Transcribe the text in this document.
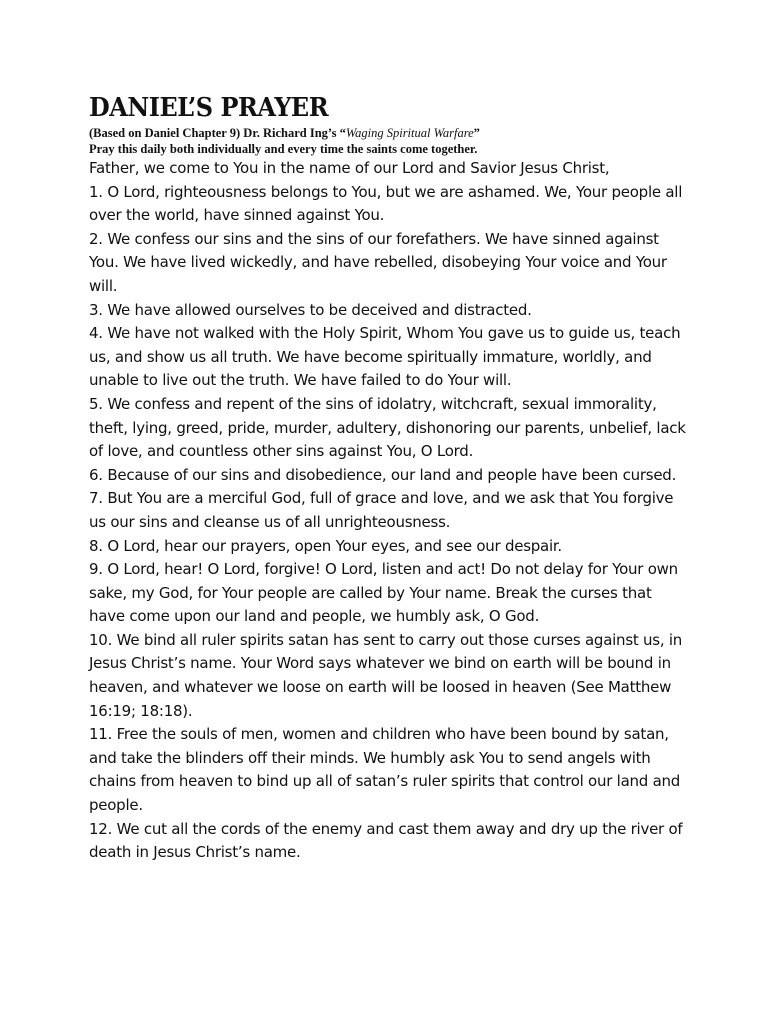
DANIEL’S PRAYER
(Based on Daniel Chapter 9) Dr. Richard Ing’s “Waging Spiritual Warfare”
Pray this daily both individually and every time the saints come together.

Father, we come to You in the name of our Lord and Savior Jesus Christ,

1. O Lord, righteousness belongs to You, but we are ashamed. We, Your people all over the world, have sinned against You.

2. We confess our sins and the sins of our forefathers. We have sinned against You. We have lived wickedly, and have rebelled, disobeying Your voice and Your will.

3. We have allowed ourselves to be deceived and distracted.

4. We have not walked with the Holy Spirit, Whom You gave us to guide us, teach us, and show us all truth. We have become spiritually immature, worldly, and unable to live out the truth. We have failed to do Your will.

5. We confess and repent of the sins of idolatry, witchcraft, sexual immorality, theft, lying, greed, pride, murder, adultery, dishonoring our parents, unbelief, lack of love, and countless other sins against You, O Lord.

6. Because of our sins and disobedience, our land and people have been cursed.

7. But You are a merciful God, full of grace and love, and we ask that You forgive us our sins and cleanse us of all unrighteousness.

8. O Lord, hear our prayers, open Your eyes, and see our despair.

9. O Lord, hear! O Lord, forgive! O Lord, listen and act! Do not delay for Your own sake, my God, for Your people are called by Your name. Break the curses that have come upon our land and people, we humbly ask, O God.

10. We bind all ruler spirits satan has sent to carry out those curses against us, in Jesus Christ’s name. Your Word says whatever we bind on earth will be bound in heaven, and whatever we loose on earth will be loosed in heaven (See Matthew 16:19; 18:18).

11. Free the souls of men, women and children who have been bound by satan, and take the blinders off their minds. We humbly ask You to send angels with chains from heaven to bind up all of satan’s ruler spirits that control our land and people.

12. We cut all the cords of the enemy and cast them away and dry up the river of death in Jesus Christ’s name.
